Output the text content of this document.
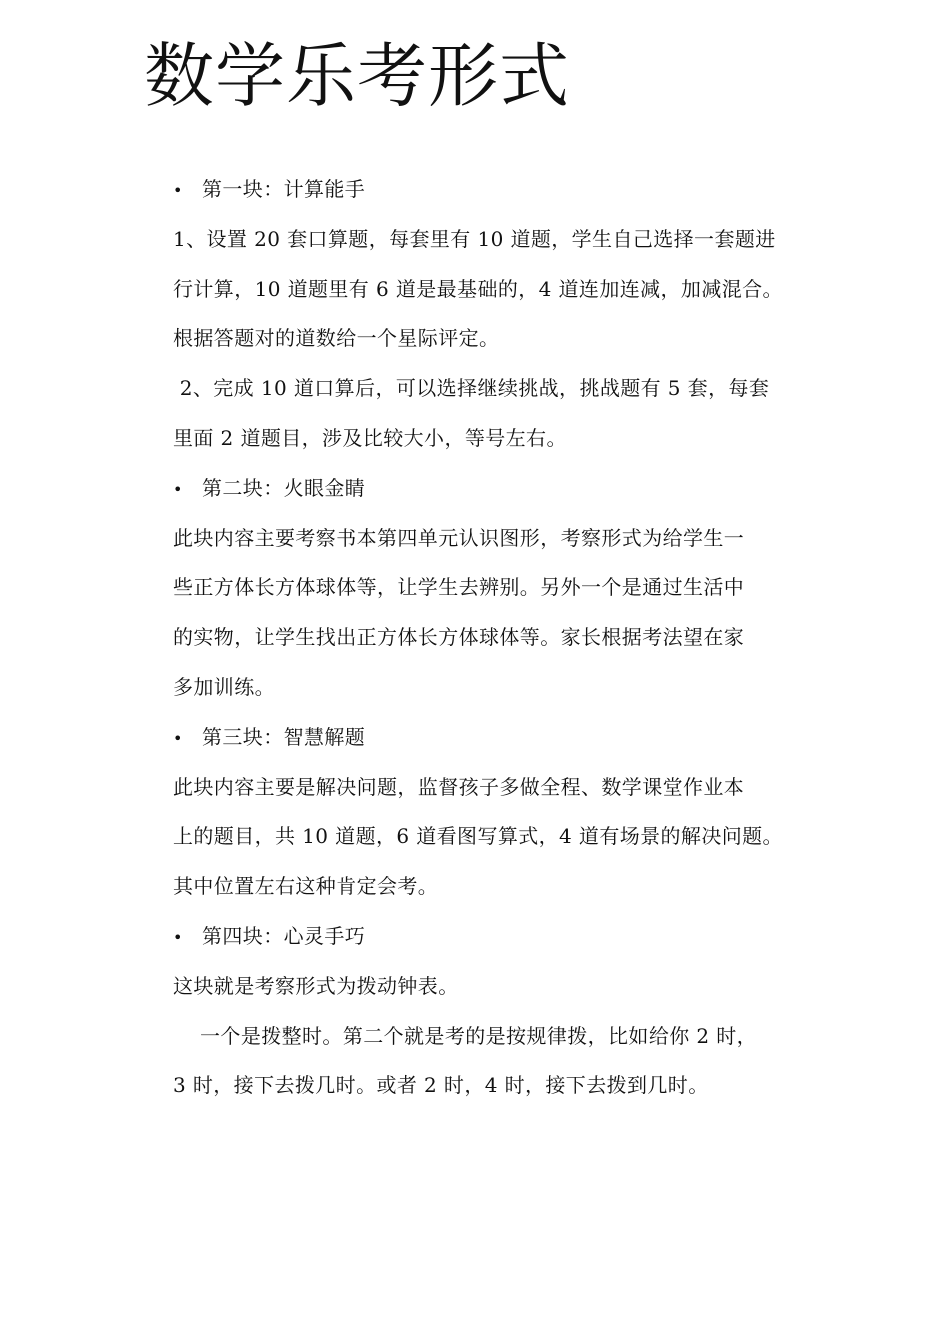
数学乐考形式
• 第一块：计算能手
1、设置 20 套口算题，每套里有 10 道题，学生自己选择一套题进
行计算，10 道题里有 6 道是最基础的，4 道连加连减，加减混合。
根据答题对的道数给一个星际评定。
2、完成 10 道口算后，可以选择继续挑战，挑战题有 5 套，每套
里面 2 道题目，涉及比较大小，等号左右。
• 第二块：火眼金睛
此块内容主要考察书本第四单元认识图形，考察形式为给学生一
些正方体长方体球体等，让学生去辨别。另外一个是通过生活中
的实物，让学生找出正方体长方体球体等。家长根据考法望在家
多加训练。
• 第三块：智慧解题
此块内容主要是解决问题，监督孩子多做全程、数学课堂作业本
上的题目，共 10 道题，6 道看图写算式，4 道有场景的解决问题。
其中位置左右这种肯定会考。
• 第四块：心灵手巧
这块就是考察形式为拨动钟表。
一个是拨整时。第二个就是考的是按规律拨，比如给你 2 时，
3 时，接下去拨几时。或者 2 时，4 时，接下去拨到几时。
